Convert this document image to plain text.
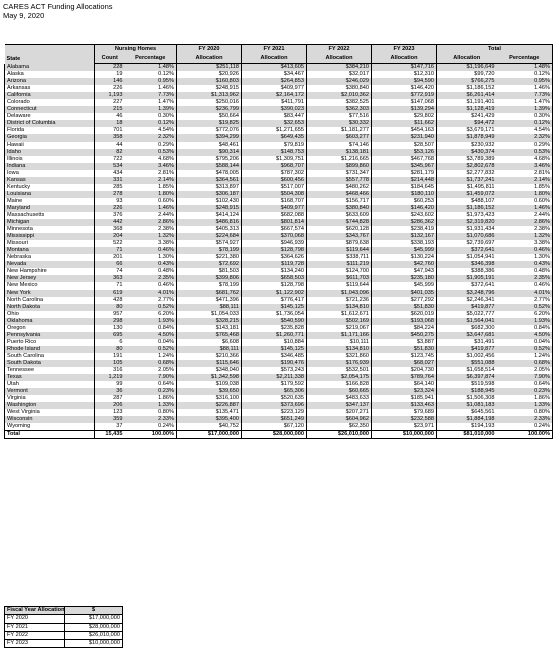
CARES ACT Funding Allocations
May 9, 2020
State	Nursing Homes		FY 2020	FY 2021	FY 2022	FY 2023	Total	
	Count	Percentage	Allocation	Allocation	Allocation	Allocation	Allocation	Percentage
Alabama	228	1.48%	$251,118	$413,605	$384,210	$147,716	$1,196,649	1.48%
Alaska	19	0.12%	$20,926	$34,467	$32,017	$12,310	$99,720	0.12%
Arizona	146	0.95%	$160,803	$264,853	$246,029	$94,590	$766,275	0.95%
Arkansas	226	1.46%	$248,915	$409,977	$380,840	$146,420	$1,186,152	1.46%
California	1,193	7.73%	$1,313,962	$2,164,172	$2,010,362	$772,919	$6,261,414	7.73%
Colorado	227	1.47%	$250,016	$411,791	$382,525	$147,068	$1,191,401	1.47%
Connecticut	215	1.39%	$236,799	$390,023	$362,303	$139,294	$1,128,419	1.39%
Delaware	46	0.30%	$50,664	$83,447	$77,516	$29,802	$241,429	0.30%
District of Columbia	18	0.12%	$19,825	$32,653	$30,332	$11,662	$94,472	0.12%
Florida	701	4.54%	$772,076	$1,271,655	$1,181,277	$454,163	$3,679,171	4.54%
Georgia	358	2.32%	$394,299	$649,435	$603,277	$231,940	$1,878,949	2.32%
Hawaii	44	0.29%	$48,461	$79,819	$74,146	$28,507	$230,932	0.29%
Idaho	82	0.53%	$90,314	$148,753	$138,181	$53,126	$430,374	0.53%
Illinois	722	4.68%	$795,206	$1,309,751	$1,216,665	$467,768	$3,789,389	4.68%
Indiana	534	3.46%	$588,144	$968,707	$899,860	$345,967	$2,802,678	3.46%
Iowa	434	2.81%	$478,005	$787,302	$731,347	$281,179	$2,277,832	2.81%
Kansas	331	2.14%	$364,561	$600,456	$557,778	$214,448	$1,737,241	2.14%
Kentucky	285	1.85%	$313,897	$517,007	$480,262	$184,645	$1,495,811	1.85%
Louisiana	278	1.80%	$306,187	$504,308	$468,466	$180,110	$1,459,072	1.80%
Maine	93	0.60%	$102,430	$168,707	$156,717	$60,253	$488,107	0.60%
Maryland	226	1.46%	$248,915	$409,977	$380,840	$146,420	$1,186,152	1.46%
Massachusetts	376	2.44%	$414,124	$682,088	$633,609	$243,602	$1,973,423	2.44%
Michigan	442	2.86%	$486,816	$801,814	$744,828	$286,362	$2,319,820	2.86%
Minnesota	368	2.38%	$405,313	$667,574	$620,128	$238,419	$1,931,434	2.38%
Mississippi	204	1.32%	$224,684	$370,068	$343,767	$132,167	$1,070,686	1.32%
Missouri	522	3.38%	$574,927	$946,939	$879,638	$338,193	$2,739,697	3.38%
Montana	71	0.46%	$78,199	$128,798	$119,644	$45,999	$372,641	0.46%
Nebraska	201	1.30%	$221,380	$364,626	$338,711	$130,224	$1,054,941	1.30%
Nevada	66	0.43%	$72,692	$119,728	$111,219	$42,760	$346,398	0.43%
New Hampshire	74	0.48%	$81,503	$134,240	$124,700	$47,943	$388,386	0.48%
New Jersey	363	2.35%	$399,806	$658,503	$611,703	$235,180	$1,905,191	2.35%
New Mexico	71	0.46%	$78,199	$128,798	$119,644	$45,999	$372,641	0.46%
New York	619	4.01%	$681,762	$1,122,902	$1,043,096	$401,035	$3,248,796	4.01%
North Carolina	428	2.77%	$471,396	$776,417	$721,236	$277,292	$2,246,341	2.77%
North Dakota	80	0.52%	$88,111	$145,125	$134,810	$51,830	$419,877	0.52%
Ohio	957	6.20%	$1,054,033	$1,736,054	$1,612,671	$620,019	$5,022,777	6.20%
Oklahoma	298	1.93%	$328,215	$540,590	$502,169	$193,068	$1,564,041	1.93%
Oregon	130	0.84%	$143,181	$235,828	$219,067	$84,224	$682,300	0.84%
Pennsylvania	695	4.50%	$765,468	$1,260,771	$1,171,166	$450,275	$3,647,681	4.50%
Puerto Rico	6	0.04%	$6,608	$10,884	$10,111	$3,887	$31,491	0.04%
Rhode Island	80	0.52%	$88,111	$145,125	$134,810	$51,830	$419,877	0.52%
South Carolina	191	1.24%	$210,366	$346,485	$321,860	$123,745	$1,002,456	1.24%
South Dakota	105	0.68%	$115,646	$190,476	$176,939	$68,027	$551,088	0.68%
Tennessee	316	2.05%	$348,040	$573,243	$532,501	$204,730	$1,658,514	2.05%
Texas	1,219	7.90%	$1,342,598	$2,211,338	$2,054,175	$789,764	$6,397,874	7.90%
Utah	99	0.64%	$109,038	$179,592	$166,828	$64,140	$519,598	0.64%
Vermont	36	0.23%	$39,650	$65,306	$60,665	$23,324	$188,945	0.23%
Virginia	287	1.86%	$316,100	$520,635	$483,633	$185,941	$1,506,308	1.86%
Washington	206	1.33%	$226,887	$373,696	$347,137	$133,463	$1,081,183	1.33%
West Virginia	123	0.80%	$135,471	$223,129	$207,271	$79,689	$645,561	0.80%
Wisconsin	359	2.33%	$395,400	$651,249	$604,962	$232,588	$1,884,198	2.33%
Wyoming	37	0.24%	$40,752	$67,120	$62,350	$23,971	$194,193	0.24%
Total	15,435	100.00%	$17,000,000	$28,000,000	$26,010,000	$10,000,000	$81,010,000	100.00%
Fiscal Year Allocation	$
FY 2020	$17,000,000
FY 2021	$28,000,000
FY 2022	$26,010,000
FY 2023	$10,000,000
